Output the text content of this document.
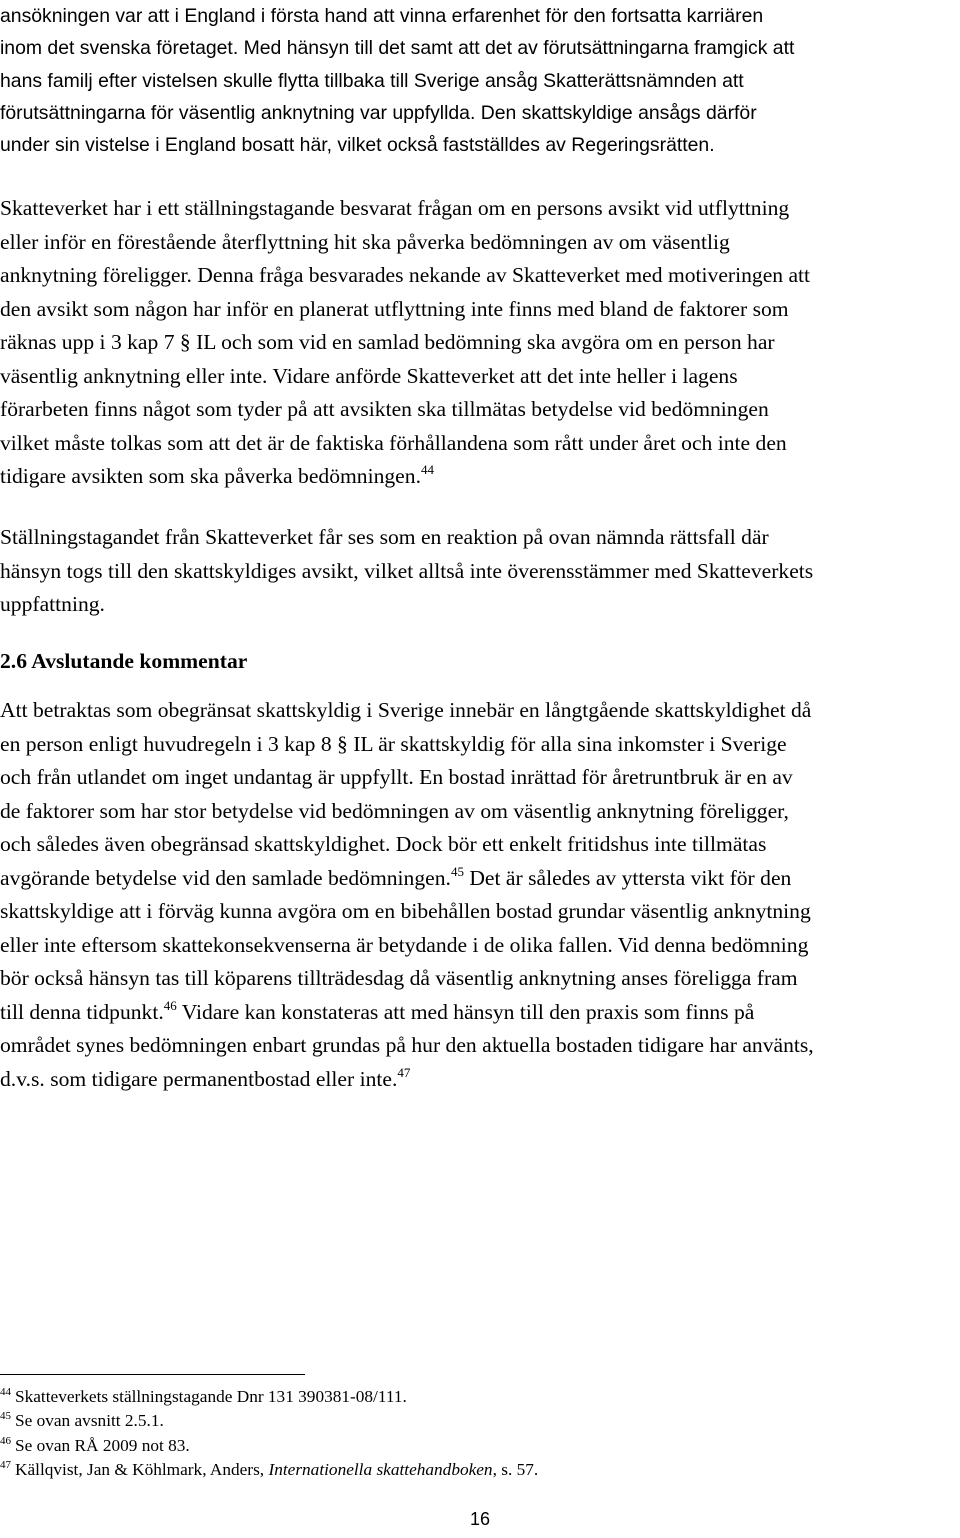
ansökningen var att i England i första hand att vinna erfarenhet för den fortsatta karriären
inom det svenska företaget. Med hänsyn till det samt att det av förutsättningarna framgick att
hans familj efter vistelsen skulle flytta tillbaka till Sverige ansåg Skatterättsnämnden att
förutsättningarna för väsentlig anknytning var uppfyllda. Den skattskyldige ansågs därför
under sin vistelse i England bosatt här, vilket också fastställdes av Regeringsrätten.
Skatteverket har i ett ställningstagande besvarat frågan om en persons avsikt vid utflyttning
eller inför en förestående återflyttning hit ska påverka bedömningen av om väsentlig
anknytning föreligger. Denna fråga besvarades nekande av Skatteverket med motiveringen att
den avsikt som någon har inför en planerat utflyttning inte finns med bland de faktorer som
räknas upp i 3 kap 7 § IL och som vid en samlad bedömning ska avgöra om en person har
väsentlig anknytning eller inte. Vidare anförde Skatteverket att det inte heller i lagens
förarbeten finns något som tyder på att avsikten ska tillmätas betydelse vid bedömningen
vilket måste tolkas som att det är de faktiska förhållandena som rått under året och inte den
tidigare avsikten som ska påverka bedömningen.$^{44}$
Ställningstagandet från Skatteverket får ses som en reaktion på ovan nämnda rättsfall där
hänsyn togs till den skattskyldiges avsikt, vilket alltså inte överensstämmer med Skatteverkets
uppfattning.
2.6 Avslutande kommentar
Att betraktas som obegränsat skattskyldig i Sverige innebär en långtgående skattskyldighet då
en person enligt huvudregeln i 3 kap 8 § IL är skattskyldig för alla sina inkomster i Sverige
och från utlandet om inget undantag är uppfyllt. En bostad inrättad för åretruntbruk är en av
de faktorer som har stor betydelse vid bedömningen av om väsentlig anknytning föreligger,
och således även obegränsad skattskyldighet. Dock bör ett enkelt fritidshus inte tillmätas
avgörande betydelse vid den samlade bedömningen.$^{45}$ Det är således av yttersta vikt för den
skattskyldige att i förväg kunna avgöra om en bibehållen bostad grundar väsentlig anknytning
eller inte eftersom skattekonsekvenserna är betydande i de olika fallen. Vid denna bedömning
bör också hänsyn tas till köparens tillträdesdag då väsentlig anknytning anses föreligga fram
till denna tidpunkt.$^{46}$ Vidare kan konstateras att med hänsyn till den praxis som finns på
området synes bedömningen enbart grundas på hur den aktuella bostaden tidigare har använts,
d.v.s. som tidigare permanentbostad eller inte.$^{47}$
$^{44}$ Skatteverkets ställningstagande Dnr 131 390381-08/111.
$^{45}$ Se ovan avsnitt 2.5.1.
$^{46}$ Se ovan RÅ 2009 not 83.
$^{47}$ Källqvist, Jan & Köhlmark, Anders, Internationella skattehandboken, s. 57.
16
